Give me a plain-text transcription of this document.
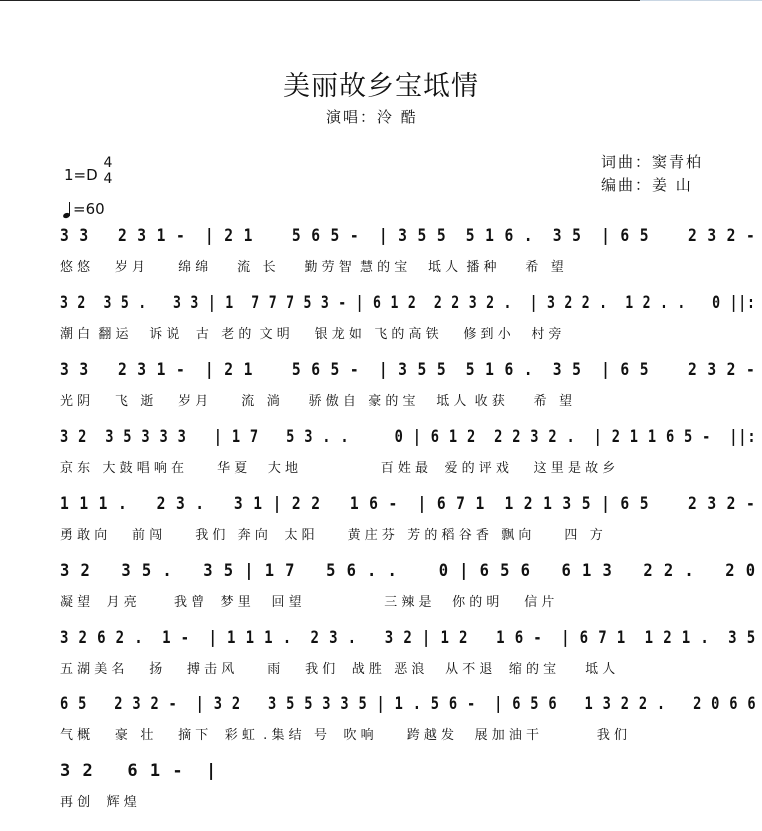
美丽故乡宝坻情
演唱：泠 酷
词曲：窦青柏
编曲：姜 山
1=D
4
4
=60
3 3   2 3 1 -  | 2 1    5 6 5 -  | 3 5 5  5 1 6 .  3 5  | 6 5    2 3 2 -
悠 悠      岁 月        绵 绵       流   长       勤 劳 智  慧 的 宝     坻 人  播 种       希   望
3 2  3 5 .   3 3 | 1  7 7 7 5 3 - | 6 1 2  2 2 3 2 .  | 3 2 2 .  1 2 . .   0 ||:
潮 白  翻 运     诉 说    古   老 的  文 明      银 龙 如   飞 的 高 铁      修 到 小     村 旁
3 3   2 3 1 -  | 2 1    5 6 5 -  | 3 5 5  5 1 6 .  3 5  | 6 5    2 3 2 -
光 阴      飞   逝      岁 月        流   淌       骄 傲 自   豪 的 宝     坻 人  收 获       希   望
3 2  3 5 3 3 3   | 1 7   5 3 . .     0 | 6 1 2  2 2 3 2 .  | 2 1 1 6 5 -  ||:
京 东   大 鼓 唱 响 在        华 夏     大 地                    百 姓 最    爱 的 评 戏      这 里 是 故 乡
1 1 1 .   2 3 .   3 1 | 2 2   1 6 -  | 6 7 1  1 2 1 3 5 | 6 5    2 3 2 -
勇 敢 向      前 闯        我 们   奔 向    太 阳        黄 庄 芬   芳 的 稻 谷 香   飘 向        四   方
3 2   3 5 .   3 5 | 1 7   5 6 . .    0 | 6 5 6   6 1 3   2 2 .   2 0
凝 望    月 亮         我 曾    梦 里     回 望                    三 辣 是     你 的 明      信 片
3 2 6 2 .  1 -  | 1 1 1 .  2 3 .   3 2 | 1 2   1 6 -  | 6 7 1  1 2 1 .  3 5
五 湖 美 名      扬      搏 击 风        雨      我 们    战 胜   恶 浪     从 不 退    缩 的 宝       坻 人
6 5   2 3 2 -  | 3 2   3 5 5 3 3 5 | 1 . 5 6 -  | 6 5 6   1 3 2 2 .   2 0 6 6
气 概      豪   壮      摘 下    彩 虹  . 集 结   号    吹 响        跨 越 发     展 加 油 干              我 们
3 2   6 1 -  |
再 创    辉 煌
